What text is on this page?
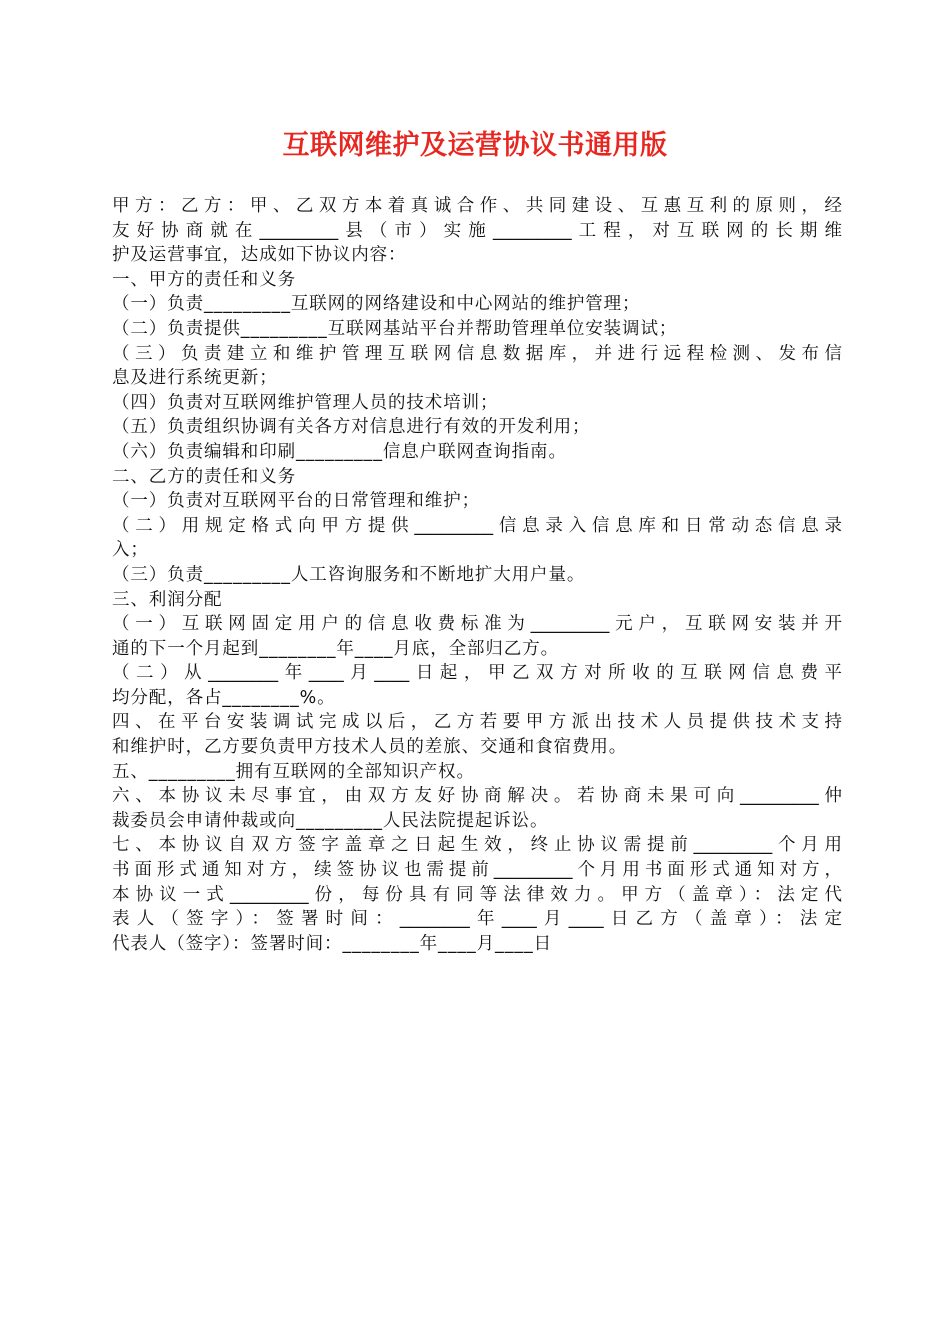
互联网维护及运营协议书通用版
甲方：乙方：甲、乙双方本着真诚合作、共同建设、互惠互利的原则，经
友好协商就在_________县（市）实施_________工程，对互联网的长期维
护及运营事宜，达成如下协议内容：
一、甲方的责任和义务
（一）负责_________互联网的网络建设和中心网站的维护管理；
（二）负责提供_________互联网基站平台并帮助管理单位安装调试；
（三）负责建立和维护管理互联网信息数据库，并进行远程检测、发布信
息及进行系统更新；
（四）负责对互联网维护管理人员的技术培训；
（五）负责组织协调有关各方对信息进行有效的开发利用；
（六）负责编辑和印刷_________信息户联网查询指南。
二、乙方的责任和义务
（一）负责对互联网平台的日常管理和维护；
（二）用规定格式向甲方提供_________信息录入信息库和日常动态信息录
入；
（三）负责_________人工咨询服务和不断地扩大用户量。
三、利润分配
（一）互联网固定用户的信息收费标准为_________元户，互联网安装并开
通的下一个月起到________年____月底，全部归乙方。
（二）从________年____月____日起，甲乙双方对所收的互联网信息费平
均分配，各占________%。
四、在平台安装调试完成以后，乙方若要甲方派出技术人员提供技术支持
和维护时，乙方要负责甲方技术人员的差旅、交通和食宿费用。
五、_________拥有互联网的全部知识产权。
六、本协议未尽事宜，由双方友好协商解决。若协商未果可向_________仲
裁委员会申请仲裁或向_________人民法院提起诉讼。
七、本协议自双方签字盖章之日起生效，终止协议需提前_________个月用
书面形式通知对方，续签协议也需提前_________个月用书面形式通知对方，
本协议一式_________份，每份具有同等法律效力。甲方（盖章）：法定代
表人（签字）：签署时间：________年____月____日乙方（盖章）：法定
代表人（签字）：签署时间：________年____月____日
